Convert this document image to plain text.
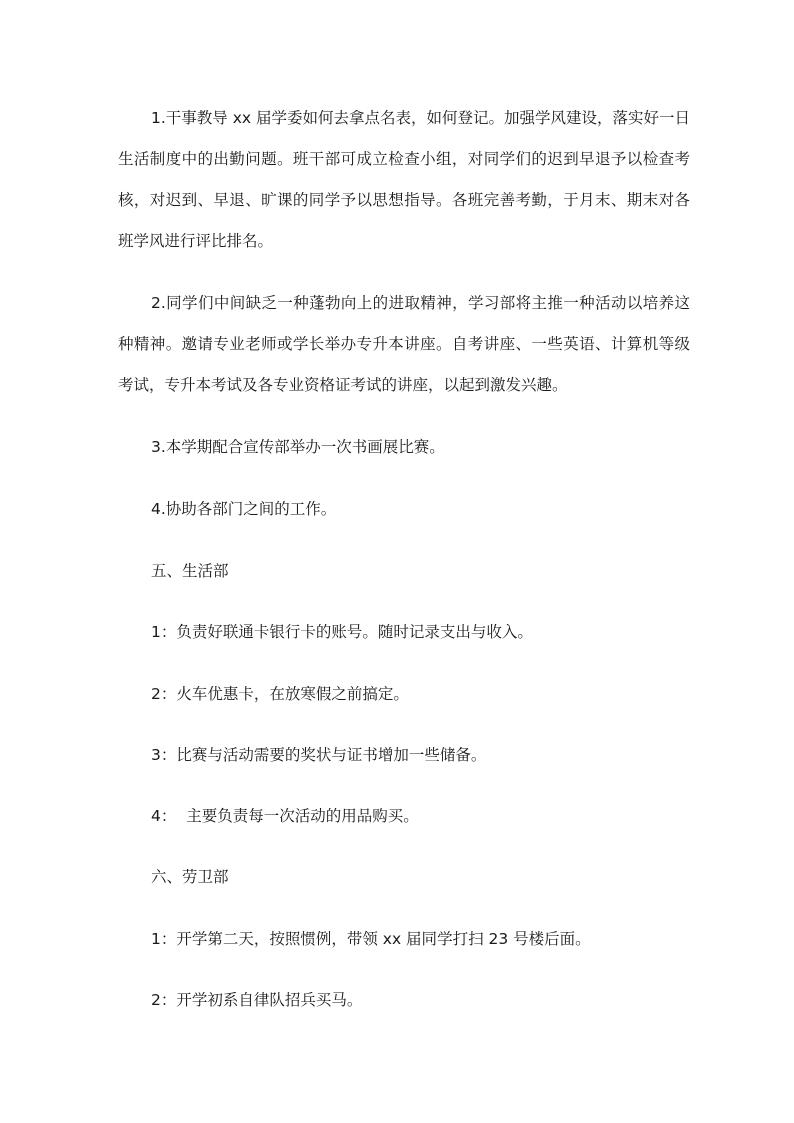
1.干事教导 xx 届学委如何去拿点名表，如何登记。加强学风建设，落实好一日生活制度中的出勤问题。班干部可成立检查小组，对同学们的迟到早退予以检查考核，对迟到、早退、旷课的同学予以思想指导。各班完善考勤，于月末、期末对各班学风进行评比排名。

2.同学们中间缺乏一种蓬勃向上的进取精神，学习部将主推一种活动以培养这种精神。邀请专业老师或学长举办专升本讲座。自考讲座、一些英语、计算机等级考试，专升本考试及各专业资格证考试的讲座，以起到激发兴趣。

3.本学期配合宣传部举办一次书画展比赛。

4.协助各部门之间的工作。

五、生活部

1：负责好联通卡银行卡的账号。随时记录支出与收入。

2：火车优惠卡，在放寒假之前搞定。

3：比赛与活动需要的奖状与证书增加一些储备。

4：  主要负责每一次活动的用品购买。

六、劳卫部

1：开学第二天，按照惯例，带领 xx 届同学打扫 23 号楼后面。

2：开学初系自律队招兵买马。
